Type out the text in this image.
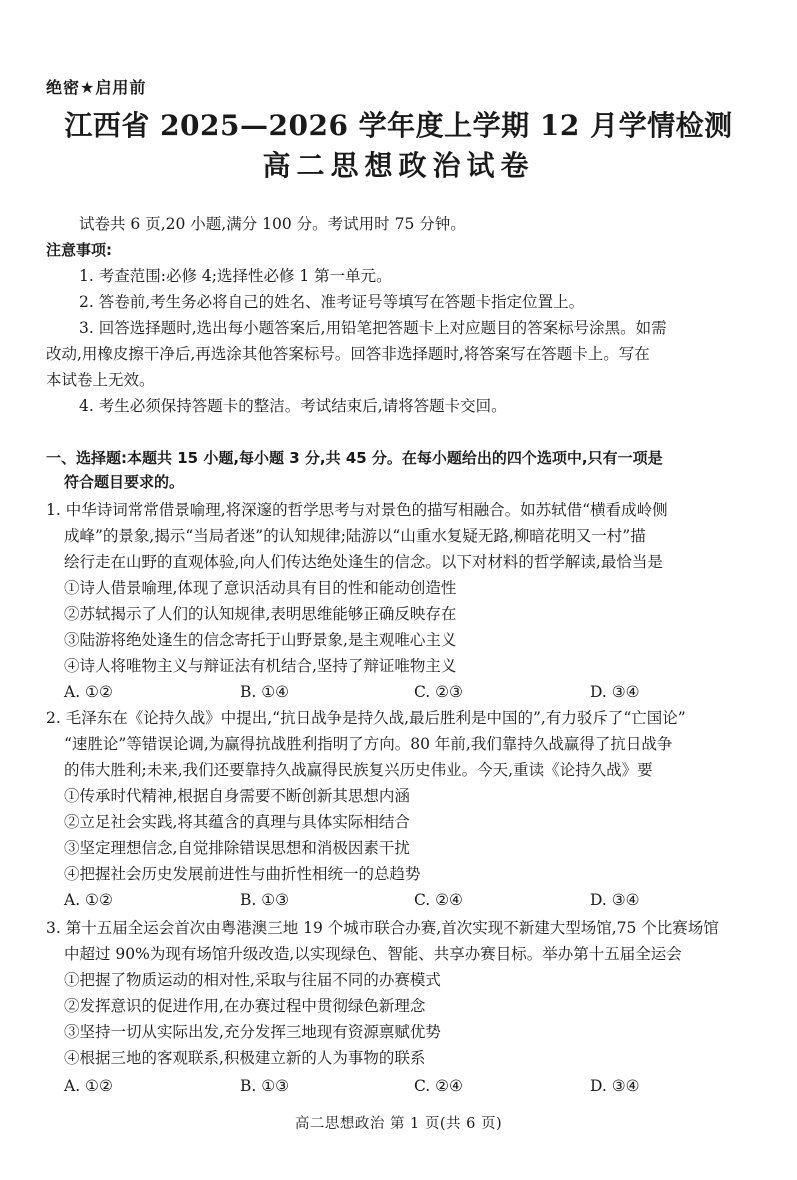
绝密★启用前
江西省 2025—2026 学年度上学期 12 月学情检测
高二思想政治试卷
试卷共 6 页,20 小题,满分 100 分。考试用时 75 分钟。
注意事项:
1. 考查范围:必修 4;选择性必修 1 第一单元。
2. 答卷前,考生务必将自己的姓名、准考证号等填写在答题卡指定位置上。
3. 回答选择题时,选出每小题答案后,用铅笔把答题卡上对应题目的答案标号涂黑。如需
改动,用橡皮擦干净后,再选涂其他答案标号。回答非选择题时,将答案写在答题卡上。写在
本试卷上无效。
4. 考生必须保持答题卡的整洁。考试结束后,请将答题卡交回。
一、选择题:本题共 15 小题,每小题 3 分,共 45 分。在每小题给出的四个选项中,只有一项是
符合题目要求的。
1. 中华诗词常常借景喻理,将深邃的哲学思考与对景色的描写相融合。如苏轼借“横看成岭侧
成峰”的景象,揭示“当局者迷”的认知规律;陆游以“山重水复疑无路,柳暗花明又一村”描
绘行走在山野的直观体验,向人们传达绝处逢生的信念。以下对材料的哲学解读,最恰当是
①诗人借景喻理,体现了意识活动具有目的性和能动创造性
②苏轼揭示了人们的认知规律,表明思维能够正确反映存在
③陆游将绝处逢生的信念寄托于山野景象,是主观唯心主义
④诗人将唯物主义与辩证法有机结合,坚持了辩证唯物主义
A. ①②	B. ①④	C. ②③	D. ③④
2. 毛泽东在《论持久战》中提出,“抗日战争是持久战,最后胜利是中国的”,有力驳斥了“亡国论”
“速胜论”等错误论调,为赢得抗战胜利指明了方向。80 年前,我们靠持久战赢得了抗日战争
的伟大胜利;未来,我们还要靠持久战赢得民族复兴历史伟业。今天,重读《论持久战》要
①传承时代精神,根据自身需要不断创新其思想内涵
②立足社会实践,将其蕴含的真理与具体实际相结合
③坚定理想信念,自觉排除错误思想和消极因素干扰
④把握社会历史发展前进性与曲折性相统一的总趋势
A. ①②	B. ①③	C. ②④	D. ③④
3. 第十五届全运会首次由粤港澳三地 19 个城市联合办赛,首次实现不新建大型场馆,75 个比赛场馆
中超过 90%为现有场馆升级改造,以实现绿色、智能、共享办赛目标。举办第十五届全运会
①把握了物质运动的相对性,采取与往届不同的办赛模式
②发挥意识的促进作用,在办赛过程中贯彻绿色新理念
③坚持一切从实际出发,充分发挥三地现有资源禀赋优势
④根据三地的客观联系,积极建立新的人为事物的联系
A. ①②	B. ①③	C. ②④	D. ③④
高二思想政治 第 1 页(共 6 页)
